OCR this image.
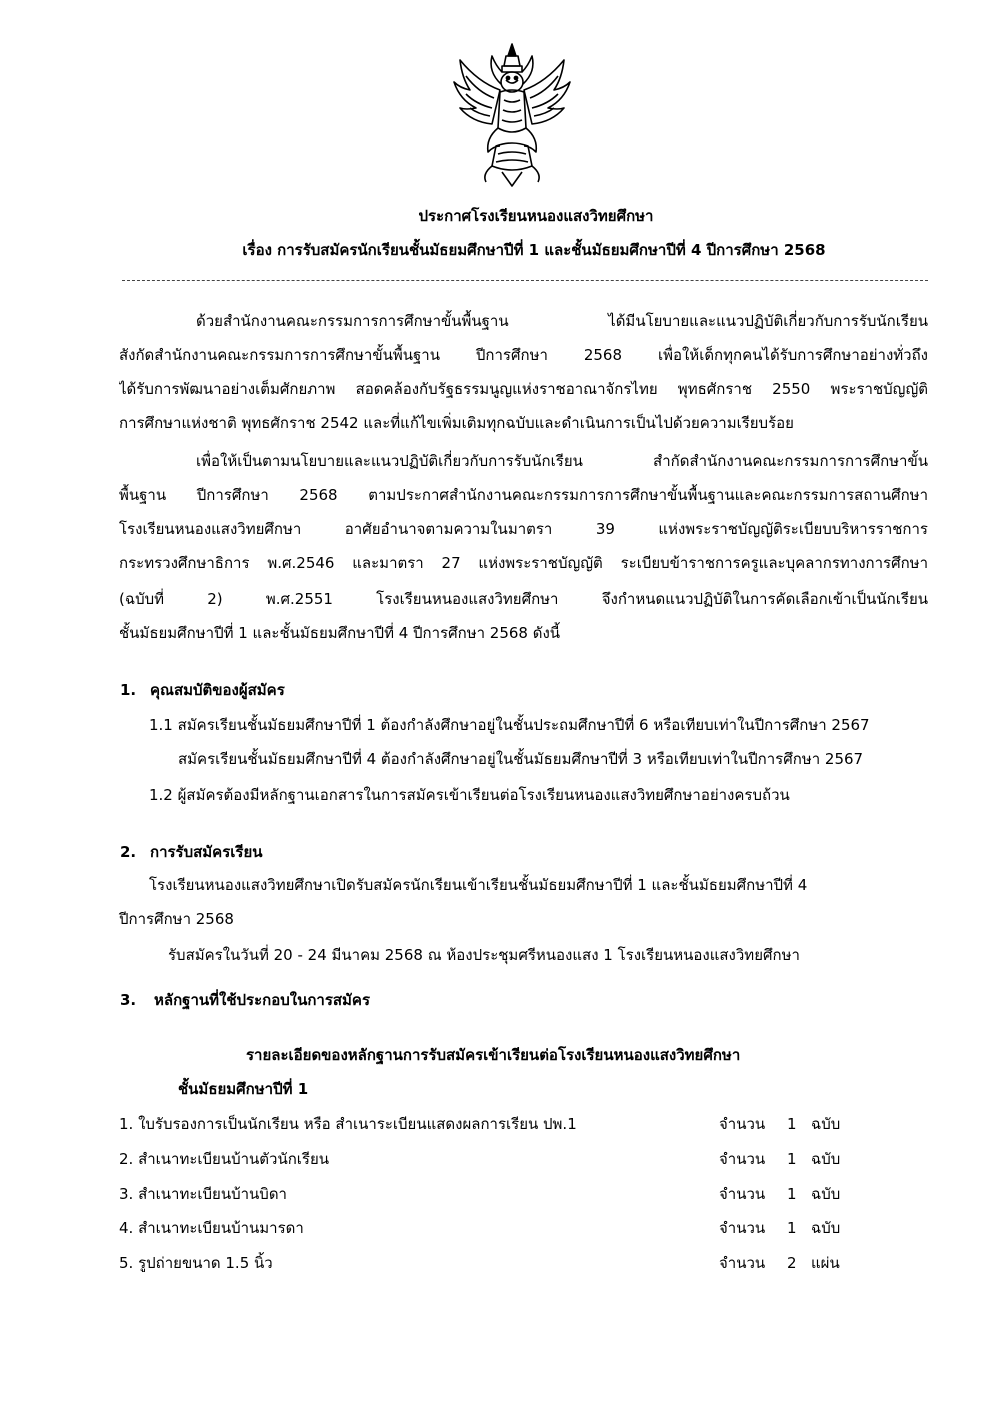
ประกาศโรงเรียนหนองแสงวิทยศึกษา
เรื่อง การรับสมัครนักเรียนชั้นมัธยมศึกษาปีที่ 1 และชั้นมัธยมศึกษาปีที่ 4 ปีการศึกษา 2568
ด้วยสำนักงานคณะกรรมการการศึกษาขั้นพื้นฐาน ได้มีนโยบายและแนวปฏิบัติเกี่ยวกับการรับนักเรียน
สังกัดสำนักงานคณะกรรมการการศึกษาขั้นพื้นฐาน ปีการศึกษา 2568 เพื่อให้เด็กทุกคนได้รับการศึกษาอย่างทั่วถึง
ได้รับการพัฒนาอย่างเต็มศักยภาพ สอดคล้องกับรัฐธรรมนูญแห่งราชอาณาจักรไทย พุทธศักราช 2550 พระราชบัญญัติ
การศึกษาแห่งชาติ พุทธศักราช 2542 และที่แก้ไขเพิ่มเติมทุกฉบับและดำเนินการเป็นไปด้วยความเรียบร้อย
เพื่อให้เป็นตามนโยบายและแนวปฏิบัติเกี่ยวกับการรับนักเรียน สำกัดสำนักงานคณะกรรมการการศึกษาขั้น
พื้นฐาน ปีการศึกษา 2568 ตามประกาศสำนักงานคณะกรรมการการศึกษาขั้นพื้นฐานและคณะกรรมการสถานศึกษา
โรงเรียนหนองแสงวิทยศึกษา อาศัยอำนาจตามความในมาตรา 39 แห่งพระราชบัญญัติระเบียบบริหารราชการ
กระทรวงศึกษาธิการ พ.ศ.2546 และมาตรา 27 แห่งพระราชบัญญัติ ระเบียบข้าราชการครูและบุคลากรทางการศึกษา
(ฉบับที่ 2) พ.ศ.2551 โรงเรียนหนองแสงวิทยศึกษา จึงกำหนดแนวปฏิบัติในการคัดเลือกเข้าเป็นนักเรียน
ชั้นมัธยมศึกษาปีที่ 1 และชั้นมัธยมศึกษาปีที่ 4 ปีการศึกษา 2568 ดังนี้
1. คุณสมบัติของผู้สมัคร
1.1 สมัครเรียนชั้นมัธยมศึกษาปีที่ 1 ต้องกำลังศึกษาอยู่ในชั้นประถมศึกษาปีที่ 6 หรือเทียบเท่าในปีการศึกษา 2567
สมัครเรียนชั้นมัธยมศึกษาปีที่ 4 ต้องกำลังศึกษาอยู่ในชั้นมัธยมศึกษาปีที่ 3 หรือเทียบเท่าในปีการศึกษา 2567
1.2 ผู้สมัครต้องมีหลักฐานเอกสารในการสมัครเข้าเรียนต่อโรงเรียนหนองแสงวิทยศึกษาอย่างครบถ้วน
2. การรับสมัครเรียน
โรงเรียนหนองแสงวิทยศึกษาเปิดรับสมัครนักเรียนเข้าเรียนชั้นมัธยมศึกษาปีที่ 1 และชั้นมัธยมศึกษาปีที่ 4
ปีการศึกษา 2568
รับสมัครในวันที่ 20 - 24 มีนาคม 2568 ณ ห้องประชุมศรีหนองแสง 1 โรงเรียนหนองแสงวิทยศึกษา
3. หลักฐานที่ใช้ประกอบในการสมัคร
รายละเอียดของหลักฐานการรับสมัครเข้าเรียนต่อโรงเรียนหนองแสงวิทยศึกษา
ชั้นมัธยมศึกษาปีที่ 1
1. ใบรับรองการเป็นนักเรียน หรือ สำเนาระเบียนแสดงผลการเรียน ปพ.1	จำนวน 1 ฉบับ
2. สำเนาทะเบียนบ้านตัวนักเรียน	จำนวน 1 ฉบับ
3. สำเนาทะเบียนบ้านบิดา	จำนวน 1 ฉบับ
4. สำเนาทะเบียนบ้านมารดา	จำนวน 1 ฉบับ
5. รูปถ่ายขนาด 1.5 นิ้ว	จำนวน 2 แผ่น
